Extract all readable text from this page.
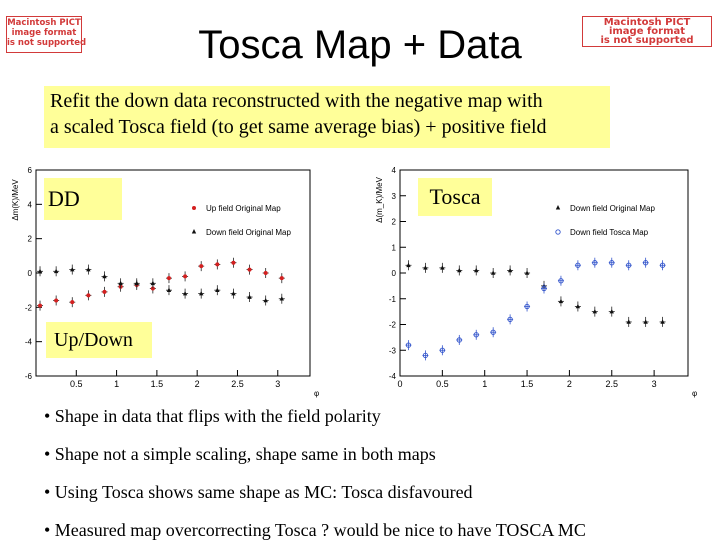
Macintosh PICT
image format
is not supported
Macintosh PICT
image format
is not supported
Tosca Map + Data
Refit the down data reconstructed with the negative map with
a scaled Tosca field (to get same average bias) + positive field
6
4
2
0
-2
-4
-6
0.5	1	1.5	2	2.5	3
φ
Δm(K)/MeV	Up field Original Map
Down field Original Map
4
3
2
1
0
-1
-2
-3
-4
0	0.5	1	1.5	2	2.5	3
φ
Δ(m_K)/MeV	Down field Original Map
Down field Tosca Map
DD	Tosca
Up/Down
• Shape in data that flips with the field polarity
• Shape not a simple scaling, shape same in both maps
• Using Tosca shows same shape as MC: Tosca disfavoured
• Measured map overcorrecting Tosca ? would be nice to have TOSCA MC
